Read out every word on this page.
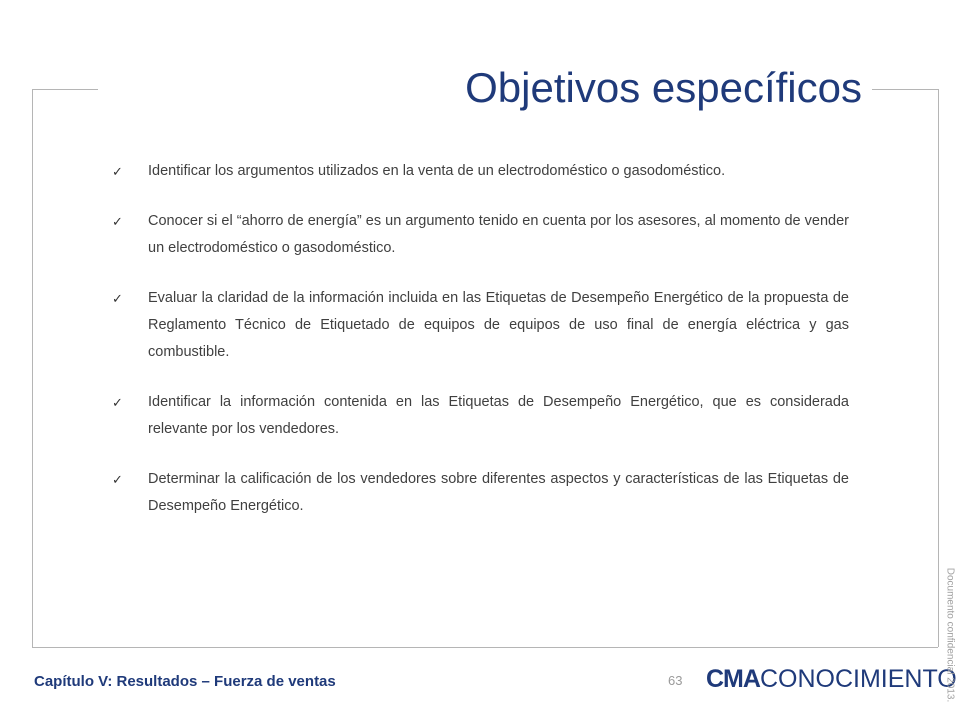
Objetivos específicos
✓ Identificar los argumentos utilizados en la venta de un electrodoméstico o gasodoméstico.
✓ Conocer si el “ahorro de energía” es un argumento tenido en cuenta por los asesores, al momento de vender un electrodoméstico o gasodoméstico.
✓ Evaluar la claridad de la información incluida en las Etiquetas de Desempeño Energético de la propuesta de Reglamento Técnico de Etiquetado de equipos de equipos de uso final de energía eléctrica y gas combustible.
✓ Identificar la información contenida en las Etiquetas de Desempeño Energético, que es considerada relevante por los vendedores.
✓ Determinar la calificación de los vendedores sobre diferentes aspectos y características de las Etiquetas de Desempeño Energético.
Capítulo V: Resultados – Fuerza de ventas	63 CMACONOCIMIENTO
Documento confidencial 2013.
